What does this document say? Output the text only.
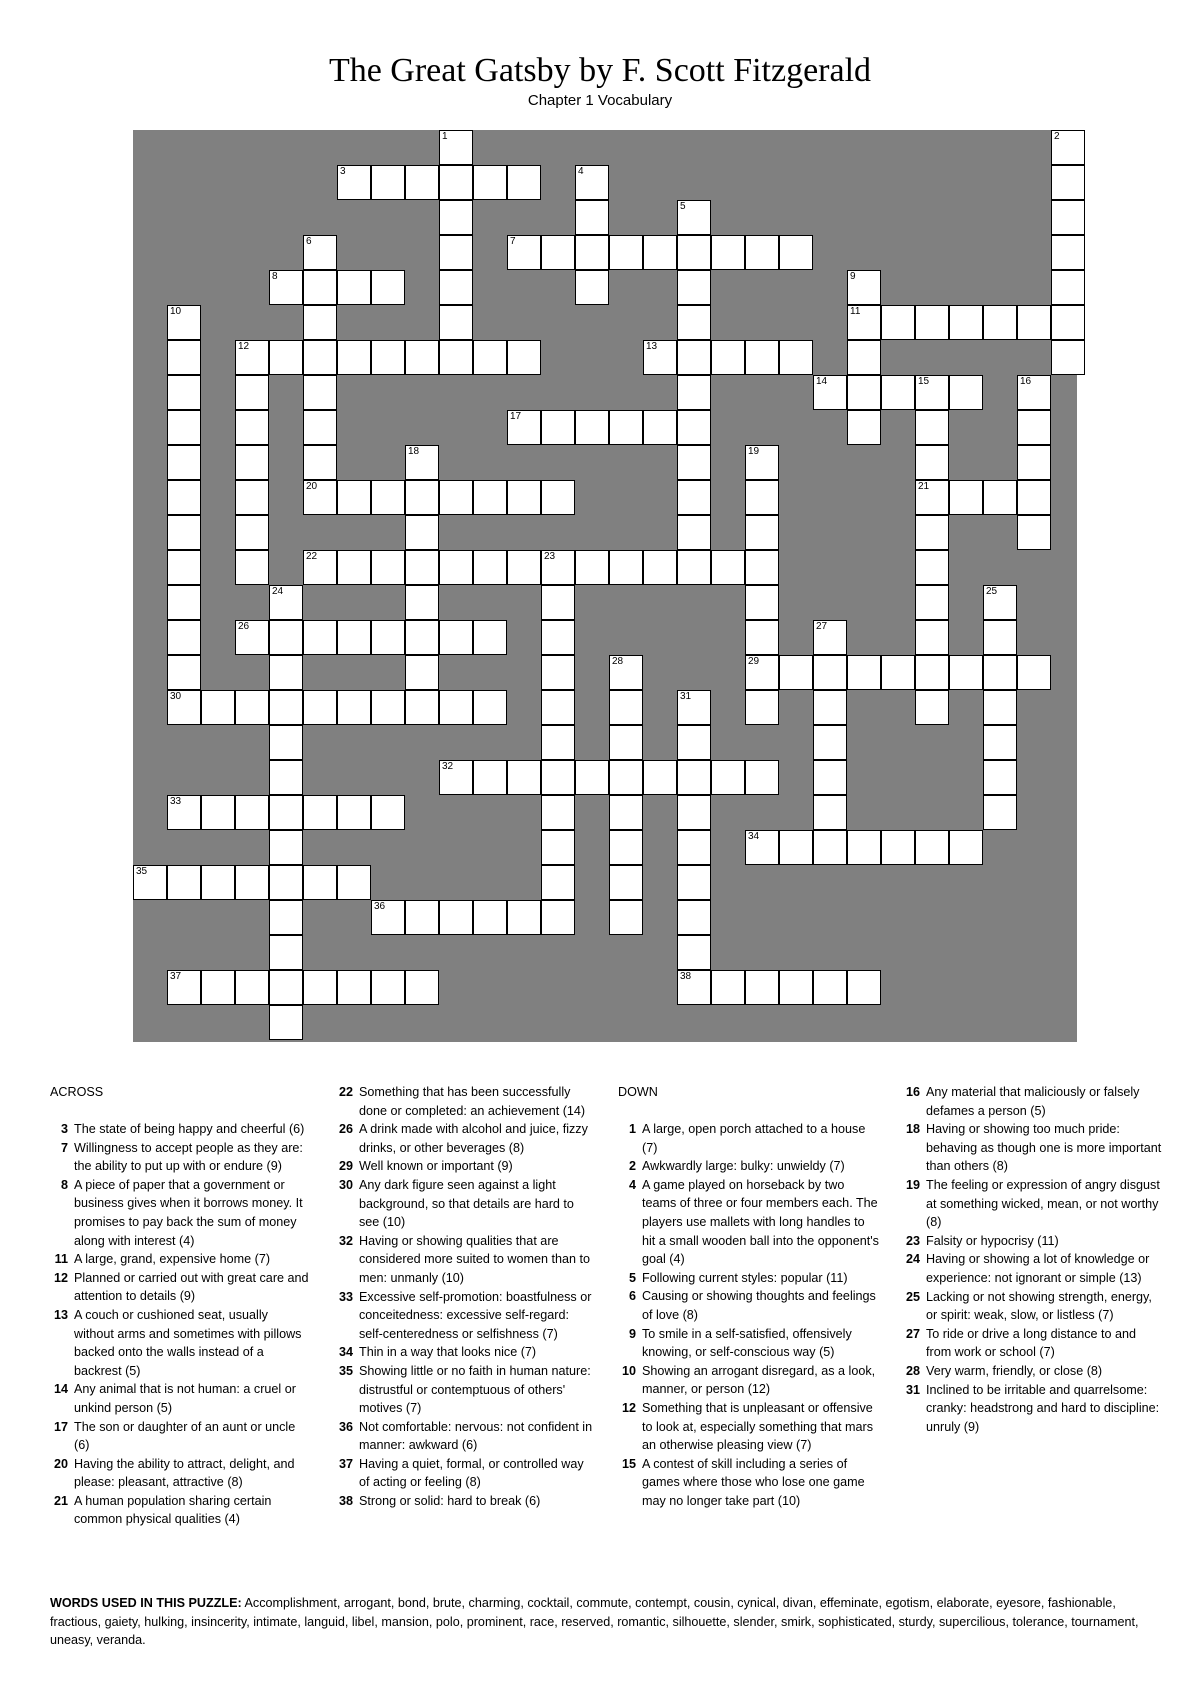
The Great Gatsby by F. Scott Fitzgerald
Chapter 1 Vocabulary
1	2
3	4
5
6
20
7
8	9
11
10
30
12	13
14	15
21
16
17
18	19
29
22	23
24	25
26	27
28
31
38
32
33
34
35
36
37
ACROSS
3 The state of being happy and cheerful (6)
7 Willingness to accept people as they are: the ability to put up with or endure (9)
8 A piece of paper that a government or business gives when it borrows money. It promises to pay back the sum of money along with interest (4)
11 A large, grand, expensive home (7)
12 Planned or carried out with great care and attention to details (9)
13 A couch or cushioned seat, usually without arms and sometimes with pillows backed onto the walls instead of a backrest (5)
14 Any animal that is not human: a cruel or unkind person (5)
17 The son or daughter of an aunt or uncle (6)
20 Having the ability to attract, delight, and please: pleasant, attractive (8)
21 A human population sharing certain common physical qualities (4)
22 Something that has been successfully done or completed: an achievement (14)
26 A drink made with alcohol and juice, fizzy drinks, or other beverages (8)
29 Well known or important (9)
30 Any dark figure seen against a light background, so that details are hard to see (10)
32 Having or showing qualities that are considered more suited to women than to men: unmanly (10)
33 Excessive self-promotion: boastfulness or conceitedness: excessive self-regard: self-centeredness or selfishness (7)
34 Thin in a way that looks nice (7)
35 Showing little or no faith in human nature: distrustful or contemptuous of others' motives (7)
36 Not comfortable: nervous: not confident in manner: awkward (6)
37 Having a quiet, formal, or controlled way of acting or feeling (8)
38 Strong or solid: hard to break (6)
DOWN
1 A large, open porch attached to a house (7)
2 Awkwardly large: bulky: unwieldy (7)
4 A game played on horseback by two teams of three or four members each. The players use mallets with long handles to hit a small wooden ball into the opponent's goal (4)
5 Following current styles: popular (11)
6 Causing or showing thoughts and feelings of love (8)
9 To smile in a self-satisfied, offensively knowing, or self-conscious way (5)
10 Showing an arrogant disregard, as a look, manner, or person (12)
12 Something that is unpleasant or offensive to look at, especially something that mars an otherwise pleasing view (7)
15 A contest of skill including a series of games where those who lose one game may no longer take part (10)
16 Any material that maliciously or falsely defames a person (5)
18 Having or showing too much pride: behaving as though one is more important than others (8)
19 The feeling or expression of angry disgust at something wicked, mean, or not worthy (8)
23 Falsity or hypocrisy (11)
24 Having or showing a lot of knowledge or experience: not ignorant or simple (13)
25 Lacking or not showing strength, energy, or spirit: weak, slow, or listless (7)
27 To ride or drive a long distance to and from work or school (7)
28 Very warm, friendly, or close (8)
31 Inclined to be irritable and quarrelsome: cranky: headstrong and hard to discipline: unruly (9)
WORDS USED IN THIS PUZZLE: Accomplishment, arrogant, bond, brute, charming, cocktail, commute, contempt, cousin, cynical, divan, effeminate, egotism, elaborate, eyesore, fashionable, fractious, gaiety, hulking, insincerity, intimate, languid, libel, mansion, polo, prominent, race, reserved, romantic, silhouette, slender, smirk, sophisticated, sturdy, supercilious, tolerance, tournament, uneasy, veranda.
